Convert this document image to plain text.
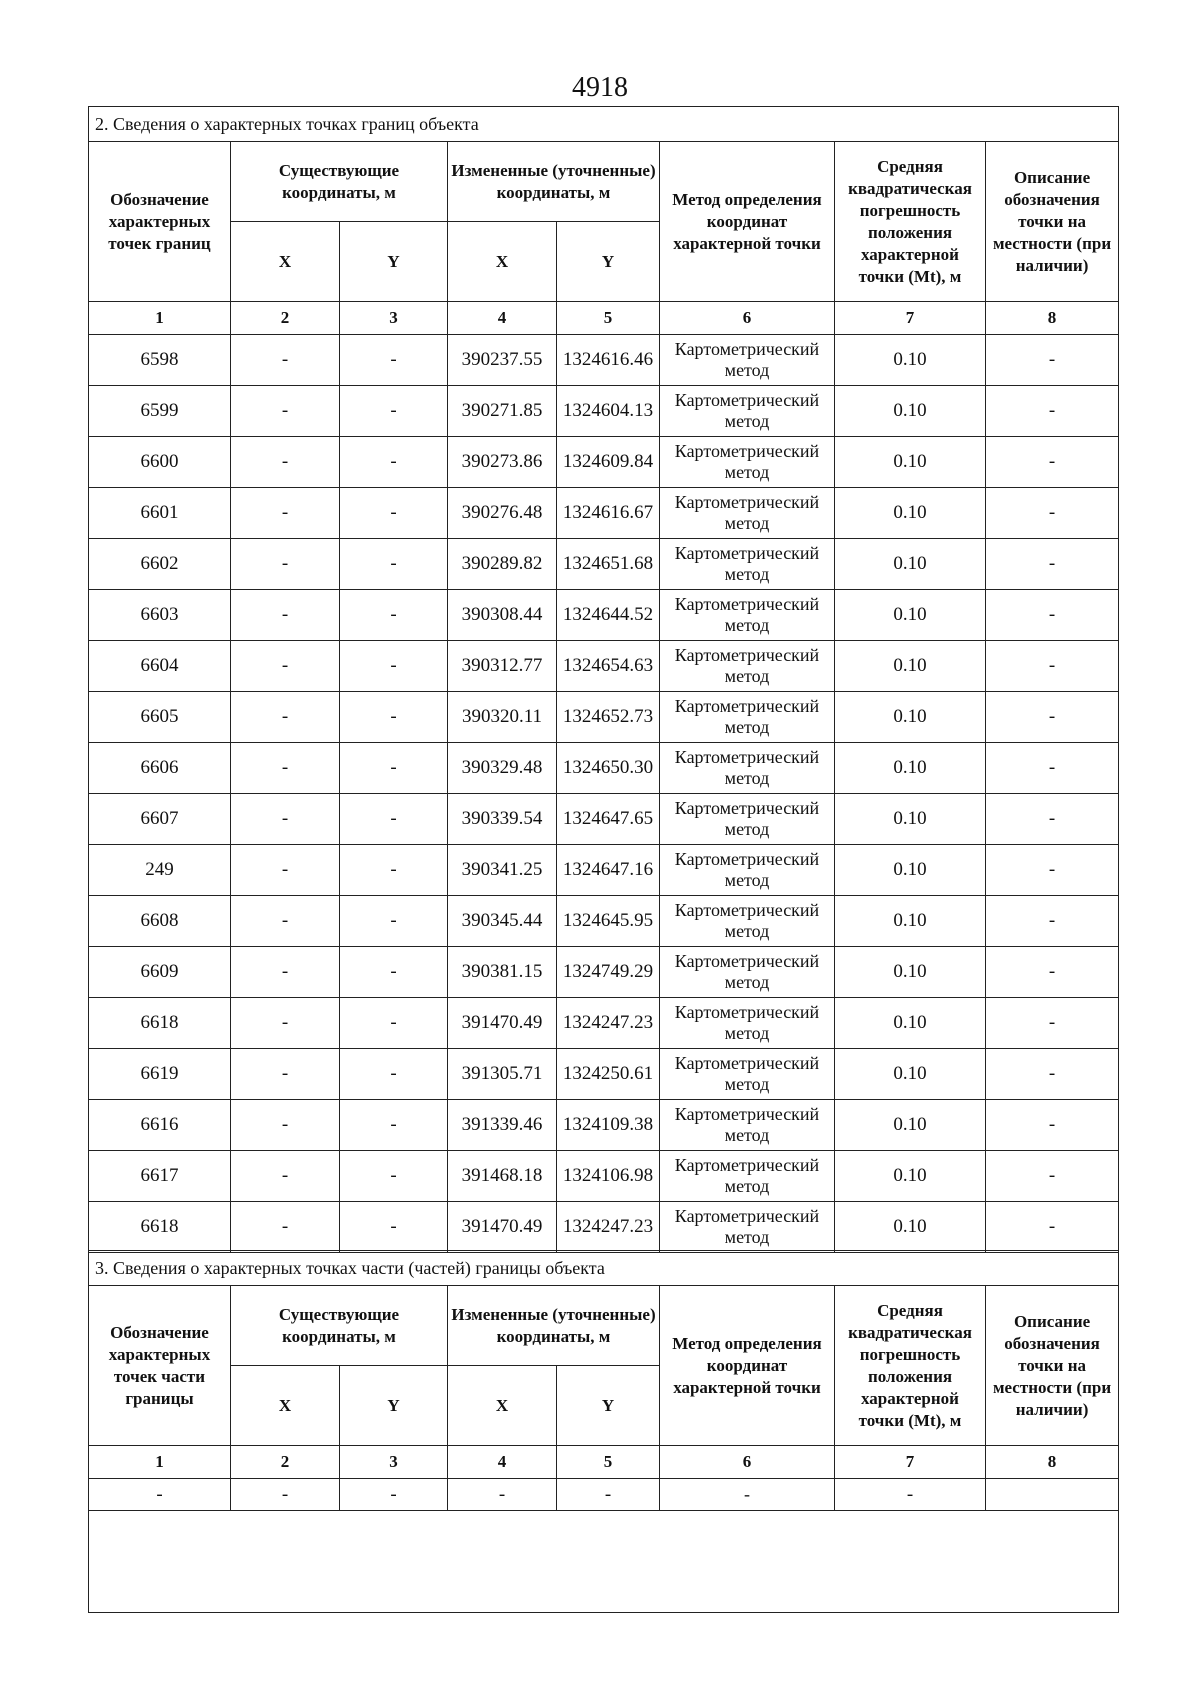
4918
2. Сведения о характерных точках границ объекта							
Обозначение характерных точек границ	Существующие координаты, м		Измененные (уточненные) координаты, м		Метод определения координат характерной точки	Средняя квадратическая погрешность положения характерной точки (Mt), м	Описание обозначения точки на местности (при наличии)
	X	Y	X	Y			
1	2	3	4	5	6	7	8
6598	-	-	390237.55	1324616.46	Картометрический метод	0.10	-
6599	-	-	390271.85	1324604.13	Картометрический метод	0.10	-
6600	-	-	390273.86	1324609.84	Картометрический метод	0.10	-
6601	-	-	390276.48	1324616.67	Картометрический метод	0.10	-
6602	-	-	390289.82	1324651.68	Картометрический метод	0.10	-
6603	-	-	390308.44	1324644.52	Картометрический метод	0.10	-
6604	-	-	390312.77	1324654.63	Картометрический метод	0.10	-
6605	-	-	390320.11	1324652.73	Картометрический метод	0.10	-
6606	-	-	390329.48	1324650.30	Картометрический метод	0.10	-
6607	-	-	390339.54	1324647.65	Картометрический метод	0.10	-
249	-	-	390341.25	1324647.16	Картометрический метод	0.10	-
6608	-	-	390345.44	1324645.95	Картометрический метод	0.10	-
6609	-	-	390381.15	1324749.29	Картометрический метод	0.10	-
6618	-	-	391470.49	1324247.23	Картометрический метод	0.10	-
6619	-	-	391305.71	1324250.61	Картометрический метод	0.10	-
6616	-	-	391339.46	1324109.38	Картометрический метод	0.10	-
6617	-	-	391468.18	1324106.98	Картометрический метод	0.10	-
6618	-	-	391470.49	1324247.23	Картометрический метод	0.10	-
3. Сведения о характерных точках части (частей) границы объекта							
Обозначение характерных точек части границы	Существующие координаты, м		Измененные (уточненные) координаты, м		Метод определения координат характерной точки	Средняя квадратическая погрешность положения характерной точки (Mt), м	Описание обозначения точки на местности (при наличии)
	X	Y	X	Y			
1	2	3	4	5	6	7	8
-	-	-	-	-	-	-	
